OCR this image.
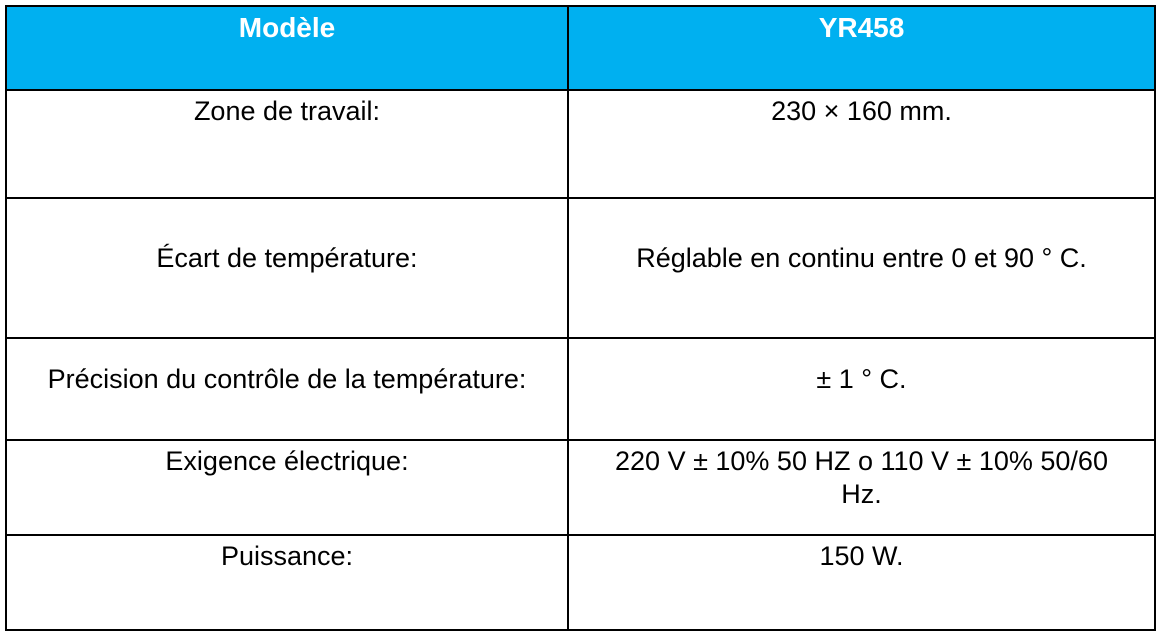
Modèle	YR458
Zone de travail:	230 × 160 mm.
Écart de température:	Réglable en continu entre 0 et 90 ° C.
Précision du contrôle de la température:	± 1 ° C.
Exigence électrique:	220 V ± 10% 50 HZ o 110 V ± 10% 50/60 Hz.
Puissance:	150 W.
